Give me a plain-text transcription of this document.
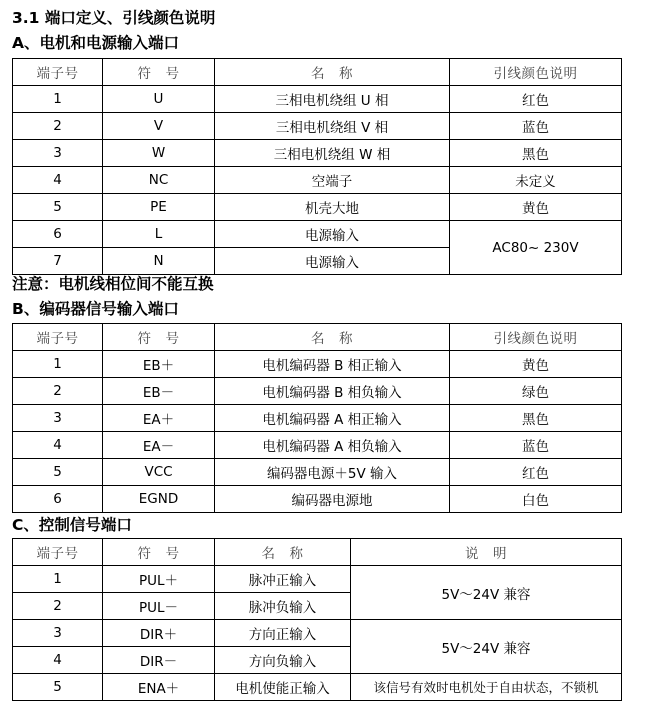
3.1 端口定义、引线颜色说明
A、电机和电源输入端口
端子号	符　号	名　称	引线颜色说明
1	U	三相电机绕组 U 相	红色
2	V	三相电机绕组 V 相	蓝色
3	W	三相电机绕组 W 相	黑色
4	NC	空端子	未定义
5	PE	机壳大地	黄色
6	L	电源输入	AC80~ 230V
7	N	电源输入	
注意：电机线相位间不能互换
B、编码器信号输入端口
端子号	符　号	名　称	引线颜色说明
1	EB＋	电机编码器 B 相正输入	黄色
2	EB－	电机编码器 B 相负输入	绿色
3	EA＋	电机编码器 A 相正输入	黑色
4	EA－	电机编码器 A 相负输入	蓝色
5	VCC	编码器电源＋5V 输入	红色
6	EGND	编码器电源地	白色
C、控制信号端口
端子号	符　号	名　称	说　明
1	PUL＋	脉冲正输入	5V～24V 兼容
2	PUL－	脉冲负输入	
3	DIR＋	方向正输入	5V～24V 兼容
4	DIR－	方向负输入	
5	ENA＋	电机使能正输入	该信号有效时电机处于自由状态，不锁机
